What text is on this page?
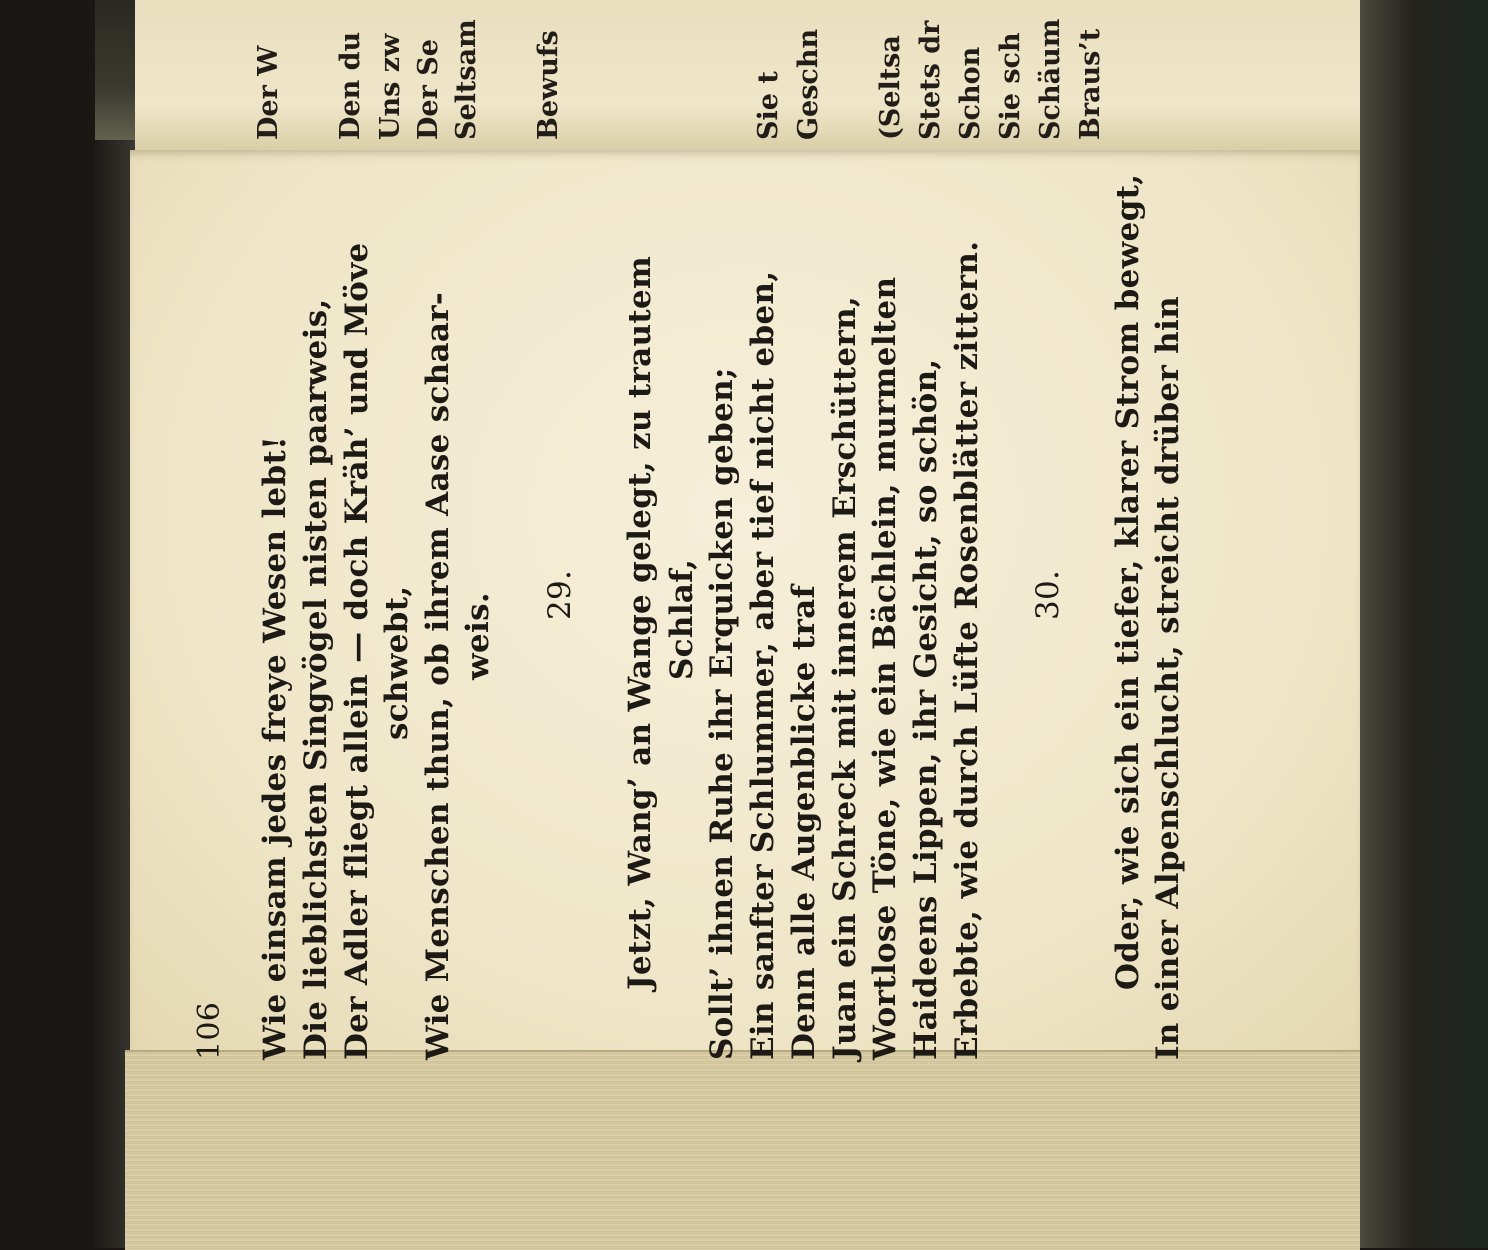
Der W Den du Uns zw Der Se Seltsam Bewufs	Sie t Geschn (Seltsa Stets dr Schon Sie sch Schäum Braus’t
106 Wie einsam jedes freye Wesen lebt! Die lieblichsten Singvögel nisten paarweis, Der Adler fliegt allein — doch Kräh’ und Möve schwebt, Wie Menschen thun, ob ihrem Aase schaar- weis. 29. Jetzt, Wang’ an Wange gelegt, zu trautem Schlaf, Sollt’ ihnen Ruhe ihr Erquicken geben; Ein sanfter Schlummer, aber tief nicht eben, Denn alle Augenblicke traf Juan ein Schreck mit innerem Erschüttern, Wortlose Töne, wie ein Bächlein, murmelten Haideens Lippen, ihr Gesicht, so schön, Erbebte, wie durch Lüfte Rosenblätter zittern. 30. Oder, wie sich ein tiefer, klarer Strom bewegt, In einer Alpenschlucht, streicht drüber hin
